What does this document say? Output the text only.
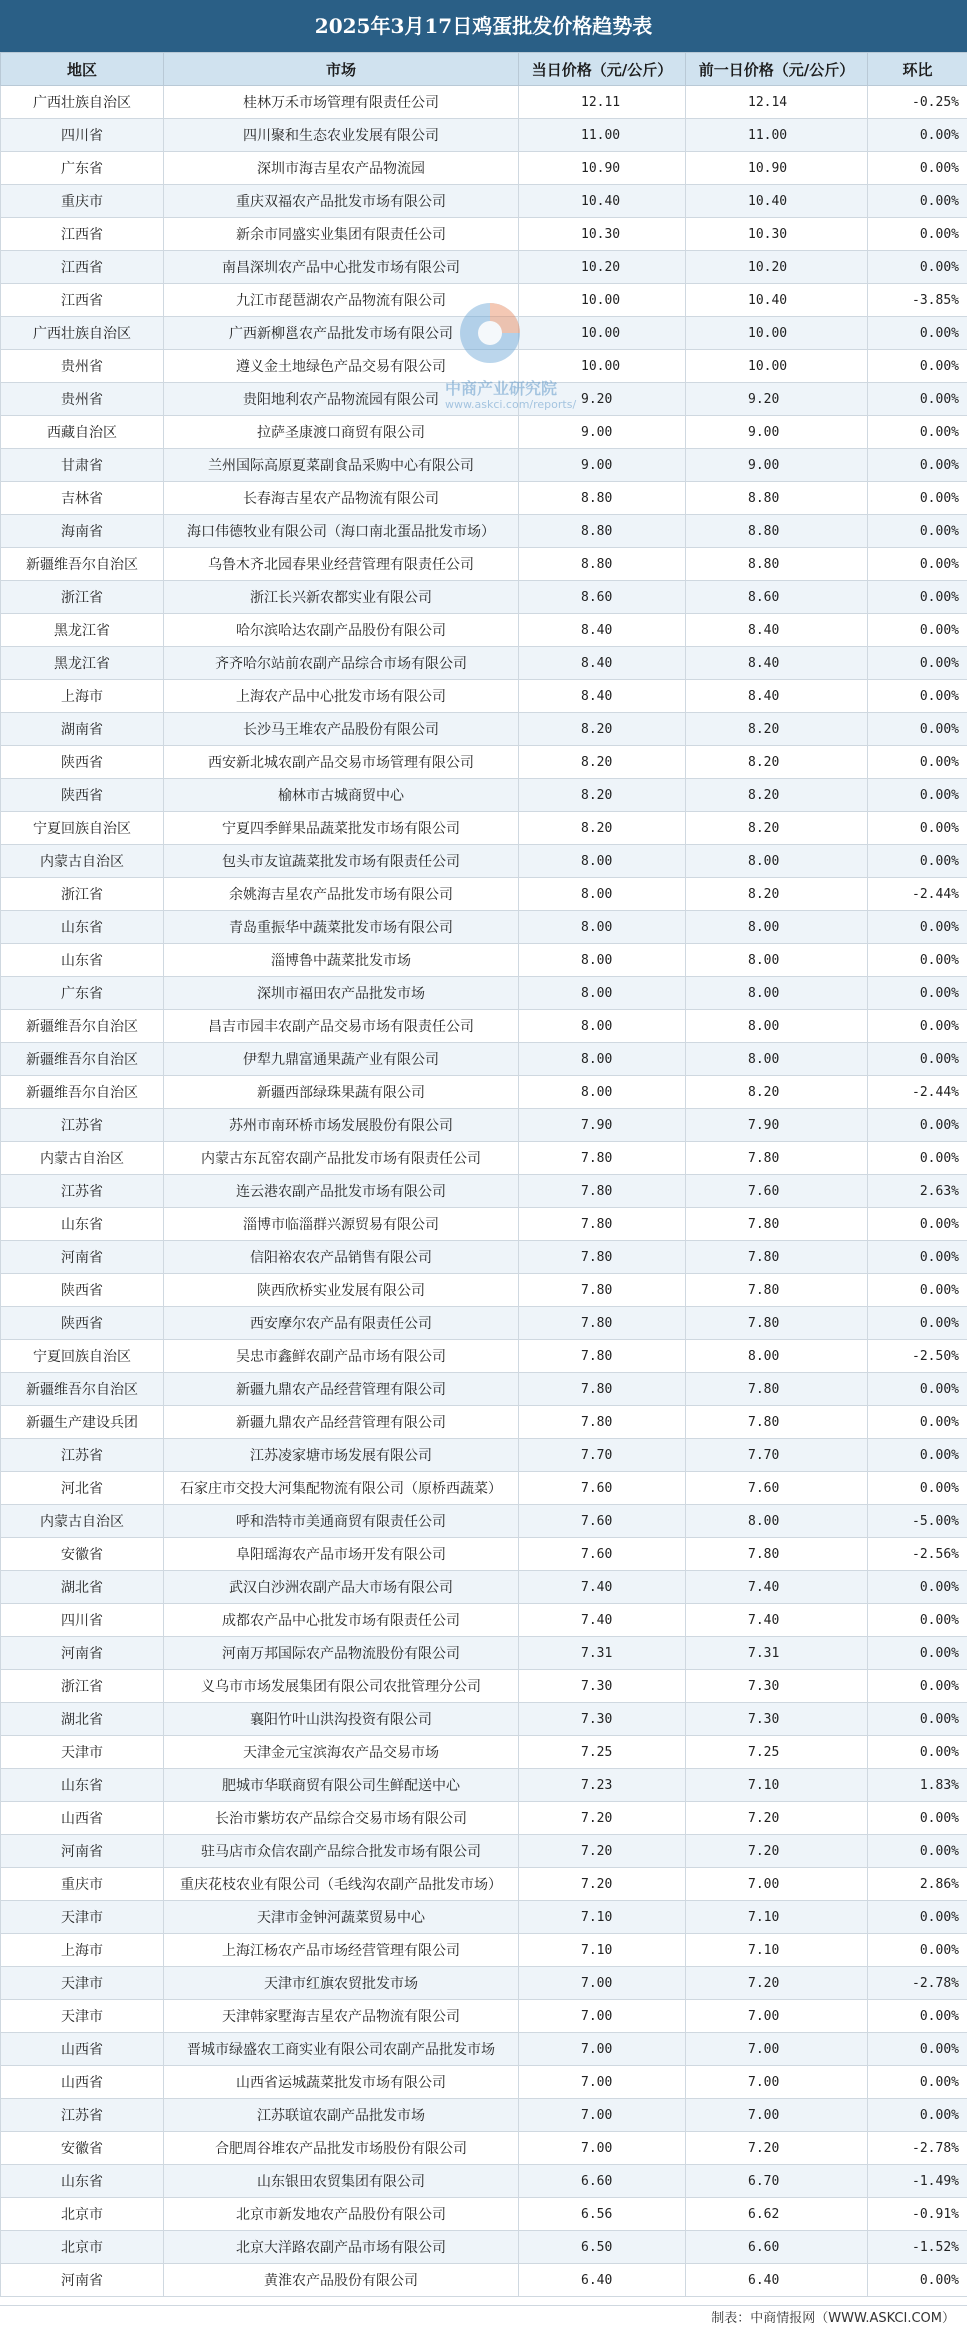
2025年3月17日鸡蛋批发价格趋势表
地区	市场	当日价格（元/公斤）	前一日价格（元/公斤）	环比
广西壮族自治区	桂林万禾市场管理有限责任公司	12.11	12.14	-0.25%
四川省	四川聚和生态农业发展有限公司	11.00	11.00	0.00%
广东省	深圳市海吉星农产品物流园	10.90	10.90	0.00%
重庆市	重庆双福农产品批发市场有限公司	10.40	10.40	0.00%
江西省	新余市同盛实业集团有限责任公司	10.30	10.30	0.00%
江西省	南昌深圳农产品中心批发市场有限公司	10.20	10.20	0.00%
江西省	九江市琵琶湖农产品物流有限公司	10.00	10.40	-3.85%
广西壮族自治区	广西新柳邕农产品批发市场有限公司	10.00	10.00	0.00%
贵州省	遵义金土地绿色产品交易有限公司	10.00	10.00	0.00%
贵州省	贵阳地利农产品物流园有限公司	9.20	9.20	0.00%
西藏自治区	拉萨圣康渡口商贸有限公司	9.00	9.00	0.00%
甘肃省	兰州国际高原夏菜副食品采购中心有限公司	9.00	9.00	0.00%
吉林省	长春海吉星农产品物流有限公司	8.80	8.80	0.00%
海南省	海口伟德牧业有限公司（海口南北蛋品批发市场）	8.80	8.80	0.00%
新疆维吾尔自治区	乌鲁木齐北园春果业经营管理有限责任公司	8.80	8.80	0.00%
浙江省	浙江长兴新农都实业有限公司	8.60	8.60	0.00%
黑龙江省	哈尔滨哈达农副产品股份有限公司	8.40	8.40	0.00%
黑龙江省	齐齐哈尔站前农副产品综合市场有限公司	8.40	8.40	0.00%
上海市	上海农产品中心批发市场有限公司	8.40	8.40	0.00%
湖南省	长沙马王堆农产品股份有限公司	8.20	8.20	0.00%
陕西省	西安新北城农副产品交易市场管理有限公司	8.20	8.20	0.00%
陕西省	榆林市古城商贸中心	8.20	8.20	0.00%
宁夏回族自治区	宁夏四季鲜果品蔬菜批发市场有限公司	8.20	8.20	0.00%
内蒙古自治区	包头市友谊蔬菜批发市场有限责任公司	8.00	8.00	0.00%
浙江省	余姚海吉星农产品批发市场有限公司	8.00	8.20	-2.44%
山东省	青岛重振华中蔬菜批发市场有限公司	8.00	8.00	0.00%
山东省	淄博鲁中蔬菜批发市场	8.00	8.00	0.00%
广东省	深圳市福田农产品批发市场	8.00	8.00	0.00%
新疆维吾尔自治区	昌吉市园丰农副产品交易市场有限责任公司	8.00	8.00	0.00%
新疆维吾尔自治区	伊犁九鼎富通果蔬产业有限公司	8.00	8.00	0.00%
新疆维吾尔自治区	新疆西部绿珠果蔬有限公司	8.00	8.20	-2.44%
江苏省	苏州市南环桥市场发展股份有限公司	7.90	7.90	0.00%
内蒙古自治区	内蒙古东瓦窑农副产品批发市场有限责任公司	7.80	7.80	0.00%
江苏省	连云港农副产品批发市场有限公司	7.80	7.60	2.63%
山东省	淄博市临淄群兴源贸易有限公司	7.80	7.80	0.00%
河南省	信阳裕农农产品销售有限公司	7.80	7.80	0.00%
陕西省	陕西欣桥实业发展有限公司	7.80	7.80	0.00%
陕西省	西安摩尔农产品有限责任公司	7.80	7.80	0.00%
宁夏回族自治区	吴忠市鑫鲜农副产品市场有限公司	7.80	8.00	-2.50%
新疆维吾尔自治区	新疆九鼎农产品经营管理有限公司	7.80	7.80	0.00%
新疆生产建设兵团	新疆九鼎农产品经营管理有限公司	7.80	7.80	0.00%
江苏省	江苏凌家塘市场发展有限公司	7.70	7.70	0.00%
河北省	石家庄市交投大河集配物流有限公司（原桥西蔬菜）	7.60	7.60	0.00%
内蒙古自治区	呼和浩特市美通商贸有限责任公司	7.60	8.00	-5.00%
安徽省	阜阳瑶海农产品市场开发有限公司	7.60	7.80	-2.56%
湖北省	武汉白沙洲农副产品大市场有限公司	7.40	7.40	0.00%
四川省	成都农产品中心批发市场有限责任公司	7.40	7.40	0.00%
河南省	河南万邦国际农产品物流股份有限公司	7.31	7.31	0.00%
浙江省	义乌市市场发展集团有限公司农批管理分公司	7.30	7.30	0.00%
湖北省	襄阳竹叶山洪沟投资有限公司	7.30	7.30	0.00%
天津市	天津金元宝滨海农产品交易市场	7.25	7.25	0.00%
山东省	肥城市华联商贸有限公司生鲜配送中心	7.23	7.10	1.83%
山西省	长治市紫坊农产品综合交易市场有限公司	7.20	7.20	0.00%
河南省	驻马店市众信农副产品综合批发市场有限公司	7.20	7.20	0.00%
重庆市	重庆花枝农业有限公司（毛线沟农副产品批发市场）	7.20	7.00	2.86%
天津市	天津市金钟河蔬菜贸易中心	7.10	7.10	0.00%
上海市	上海江杨农产品市场经营管理有限公司	7.10	7.10	0.00%
天津市	天津市红旗农贸批发市场	7.00	7.20	-2.78%
天津市	天津韩家墅海吉星农产品物流有限公司	7.00	7.00	0.00%
山西省	晋城市绿盛农工商实业有限公司农副产品批发市场	7.00	7.00	0.00%
山西省	山西省运城蔬菜批发市场有限公司	7.00	7.00	0.00%
江苏省	江苏联谊农副产品批发市场	7.00	7.00	0.00%
安徽省	合肥周谷堆农产品批发市场股份有限公司	7.00	7.20	-2.78%
山东省	山东银田农贸集团有限公司	6.60	6.70	-1.49%
北京市	北京市新发地农产品股份有限公司	6.56	6.62	-0.91%
北京市	北京大洋路农副产品市场有限公司	6.50	6.60	-1.52%
河南省	黄淮农产品股份有限公司	6.40	6.40	0.00%
中商产业研究院
www.askci.com/reports/
制表：中商情报网（WWW.ASKCI.COM）
